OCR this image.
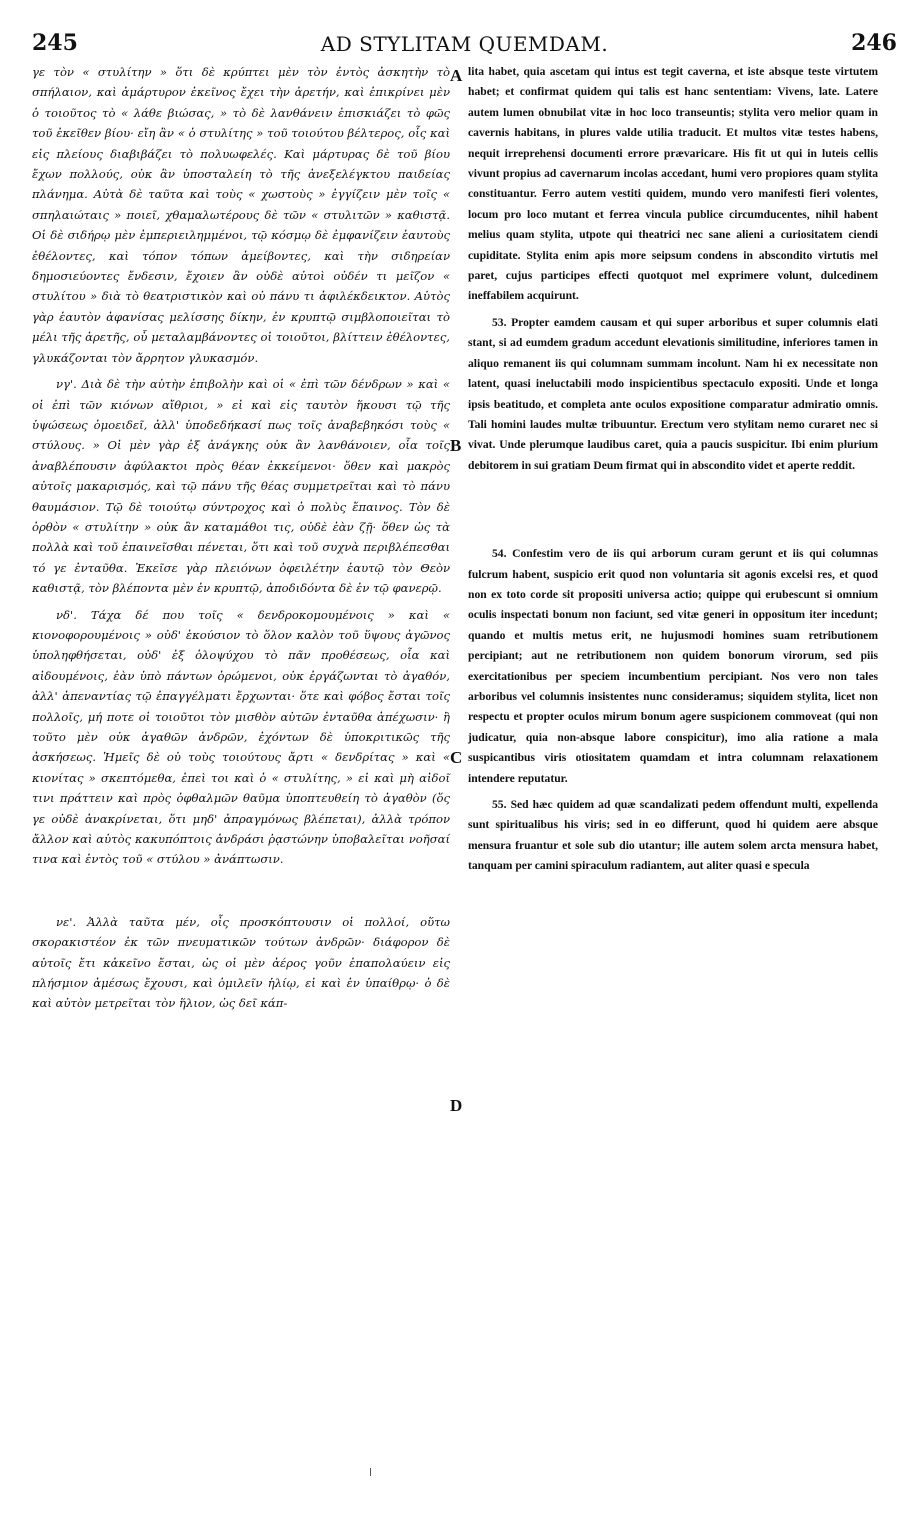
245	AD STYLITAM QUEMDAM.	246

γε τὸν « στυλίτην » ὅτι δὲ κρύπτει μὲν τὸν ἐντὸς ἀσκητὴν τὸ σπήλαιον, καὶ ἀμάρτυρον ἐκεῖνος ἔχει τὴν ἀρετήν, καὶ ἐπικρίνει μὲν ὁ τοιοῦτος τὸ « λάθε βιώσας, » τὸ δὲ λανθάνειν ἐπισκιάζει τὸ φῶς τοῦ ἐκεῖθεν βίου· εἴη ἂν « ὁ στυλίτης » τοῦ τοιούτου βέλτερος, οἷς καὶ εἰς πλείους διαβιβάζει τὸ πολυωφελές. Καὶ μάρτυρας δὲ τοῦ βίου ἔχων πολλούς, οὐκ ἂν ὑποσταλείη τὸ τῆς ἀνεξελέγκτου παιδείας πλάνημα. Αὐτὰ δὲ ταῦτα καὶ τοὺς « χωστοὺς » ἐγγίζειν μὲν τοῖς « σπηλαιώταις » ποιεῖ, χθαμαλωτέρους δὲ τῶν « στυλιτῶν » καθιστᾷ. Οἱ δὲ σιδήρῳ μὲν ἐμπεριειλημμένοι, τῷ κόσμῳ δὲ ἐμφανίζειν ἑαυτοὺς ἐθέλοντες, καὶ τόπον τόπων ἀμείβοντες, καὶ τὴν σιδηρείαν δημοσιεύοντες ἔνδεσιν, ἔχοιεν ἂν οὐδὲ αὐτοὶ οὐδέν τι μεῖζον « στυλίτου » διὰ τὸ θεατριστικὸν καὶ οὐ πάνυ τι ἀφιλέκδεικτον. Αὐτὸς γὰρ ἑαυτὸν ἀφανίσας μελίσσης δίκην, ἐν κρυπτῷ σιμβλοποιεῖται τὸ μέλι τῆς ἀρετῆς, οὗ μεταλαμβάνοντες οἱ τοιοῦτοι, βλίττειν ἐθέλοντες, γλυκάζονται τὸν ἄρρητον γλυκασμόν.

νγ'. Διὰ δὲ τὴν αὐτὴν ἐπιβολὴν καὶ οἱ « ἐπὶ τῶν δένδρων » καὶ « οἱ ἐπὶ τῶν κιόνων αἴθριοι, » εἰ καὶ εἰς ταυτὸν ἥκουσι τῷ τῆς ὑψώσεως ὁμοειδεῖ, ἀλλ' ὑποδεδήκασί πως τοῖς ἀναβεβηκόσι τοὺς « στύλους. » Οἱ μὲν γὰρ ἐξ ἀνάγκης οὐκ ἂν λανθάνοιεν, οἷα τοῖς ἀναβλέπουσιν ἀφύλακτοι πρὸς θέαν ἐκκείμενοι· ὅθεν καὶ μακρὸς αὐτοῖς μακαρισμός, καὶ τῷ πάνυ τῆς θέας συμμετρεῖται καὶ τὸ πάνυ θαυμάσιον. Τῷ δὲ τοιούτῳ σύντροχος καὶ ὁ πολὺς ἔπαινος. Τὸν δὲ ὀρθὸν « στυλίτην » οὐκ ἂν καταμάθοι τις, οὐδὲ ἐὰν ζῇ· ὅθεν ὡς τὰ πολλὰ καὶ τοῦ ἐπαινεῖσθαι πένεται, ὅτι καὶ τοῦ συχνὰ περιβλέπεσθαι τό γε ἐνταῦθα. Ἐκεῖσε γὰρ πλειόνων ὀφειλέτην ἑαυτῷ τὸν Θεὸν καθιστᾷ, τὸν βλέποντα μὲν ἐν κρυπτῷ, ἀποδιδόντα δὲ ἐν τῷ φανερῷ.

νδ'. Τάχα δέ που τοῖς « δενδροκομουμένοις » καὶ « κιονοφορουμένοις » οὐδ' ἑκούσιον τὸ ὅλον καλὸν τοῦ ὕψους ἀγῶνος ὑποληφθήσεται, οὐδ' ἐξ ὁλοψύχου τὸ πᾶν προθέσεως, οἷα καὶ αἰδουμένοις, ἐὰν ὑπὸ πάντων ὁρώμενοι, οὐκ ἐργάζωνται τὸ ἀγαθόν, ἀλλ' ἀπεναντίας τῷ ἐπαγγέλματι ἔρχωνται· ὅτε καὶ φόβος ἔσται τοῖς πολλοῖς, μή ποτε οἱ τοιοῦτοι τὸν μισθὸν αὐτῶν ἐνταῦθα ἀπέχωσιν· ἢ τοῦτο μὲν οὐκ ἀγαθῶν ἀνδρῶν, ἐχόντων δὲ ὑποκριτικῶς τῆς ἀσκήσεως. Ἡμεῖς δὲ οὐ τοὺς τοιούτους ἄρτι « δενδρίτας » καὶ « κιονίτας » σκεπτόμεθα, ἐπεὶ τοι καὶ ὁ « στυλίτης, » εἰ καὶ μὴ αἰδοῖ τινι πράττειν καὶ πρὸς ὀφθαλμῶν θαῦμα ὑποπτευθείη τὸ ἀγαθὸν (ὅς γε οὐδὲ ἀνακρίνεται, ὅτι μηδ' ἀπραγμόνως βλέπεται), ἀλλὰ τρόπον ἄλλον καὶ αὐτὸς κακυπόπτοις ἀνδράσι ῥᾳστώνην ὑποβαλεῖται νοῆσαί τινα καὶ ἐντὸς τοῦ « στύλου » ἀνάπτωσιν.

νε'. Ἀλλὰ ταῦτα μέν, οἷς προσκόπτουσιν οἱ πολλοί, οὕτω σκορακιστέον ἐκ τῶν πνευματικῶν τούτων ἀνδρῶν· διάφορον δὲ αὐτοῖς ἔτι κἀκεῖνο ἔσται, ὡς οἱ μὲν ἀέρος γοῦν ἐπαπολαύειν εἰς πλήσμιον ἀμέσως ἔχουσι, καὶ ὁμιλεῖν ἡλίῳ, εἰ καὶ ἐν ὑπαίθρῳ· ὁ δὲ καὶ αὐτὸν μετρεῖται τὸν ἥλιον, ὡς δεῖ κάπ-

lita habet, quia ascetam qui intus est tegit caverna, et iste absque teste virtutem habet; et confirmat quidem qui talis est hanc sententiam: Vivens, late. Latere autem lumen obnubilat vitæ in hoc loco transeuntis; stylita vero melior quam in cavernis habitans, in plures valde utilia traducit. Et multos vitæ testes habens, nequit irreprehensi documenti errore prævaricare. His fit ut qui in luteis cellis vivunt propius ad cavernarum incolas accedant, humi vero propiores quam stylita constituantur. Ferro autem vestiti quidem, mundo vero manifesti fieri volentes, locum pro loco mutant et ferrea vincula publice circumducentes, nihil habent melius quam stylita, utpote qui theatrici nec sane alieni a curiositatem ciendi cupiditate. Stylita enim apis more seipsum condens in abscondito virtutis mel paret, cujus participes effecti quotquot mel exprimere volunt, dulcedinem ineffabilem acquirunt.

53. Propter eamdem causam et qui super arboribus et super columnis elati stant, si ad eumdem gradum accedunt elevationis similitudine, inferiores tamen in aliquo remanent iis qui columnam summam incolunt. Nam hi ex necessitate non latent, quasi ineluctabili modo inspicientibus spectaculo expositi. Unde et longa ipsis beatitudo, et completa ante oculos expositione comparatur admiratio omnis. Tali homini laudes multæ tribuuntur. Erectum vero stylitam nemo curaret nec si vivat. Unde plerumque laudibus caret, quia a paucis suspicitur. Ibi enim plurium debitorem in sui gratiam Deum firmat qui in abscondito videt et aperte reddit.

54. Confestim vero de iis qui arborum curam gerunt et iis qui columnas fulcrum habent, suspicio erit quod non voluntaria sit agonis excelsi res, et quod non ex toto corde sit propositi universa actio; quippe qui erubescunt si omnium oculis inspectati bonum non faciunt, sed vitæ generi in oppositum iter incedunt; quando et multis metus erit, ne hujusmodi homines suam retributionem percipiant; aut ne retributionem non quidem bonorum virorum, sed piis exercitationibus per speciem incumbentium percipiant. Nos vero non tales arboribus vel columnis insistentes nunc consideramus; siquidem stylita, licet non respectu et propter oculos mirum bonum agere suspicionem commoveat (qui non judicatur, quia non-absque labore conspicitur), imo alia ratione a mala suspicantibus viris otiositatem quamdam et intra columnam relaxationem intendere reputatur.

55. Sed hæc quidem ad quæ scandalizati pedem offendunt multi, expellenda sunt spiritualibus his viris; sed in eo differunt, quod hi quidem aere absque mensura fruantur et sole sub dio utantur; ille autem solem arcta mensura habet, tanquam per camini spiraculum radiantem, aut aliter quasi e specula

A
B
C
D
